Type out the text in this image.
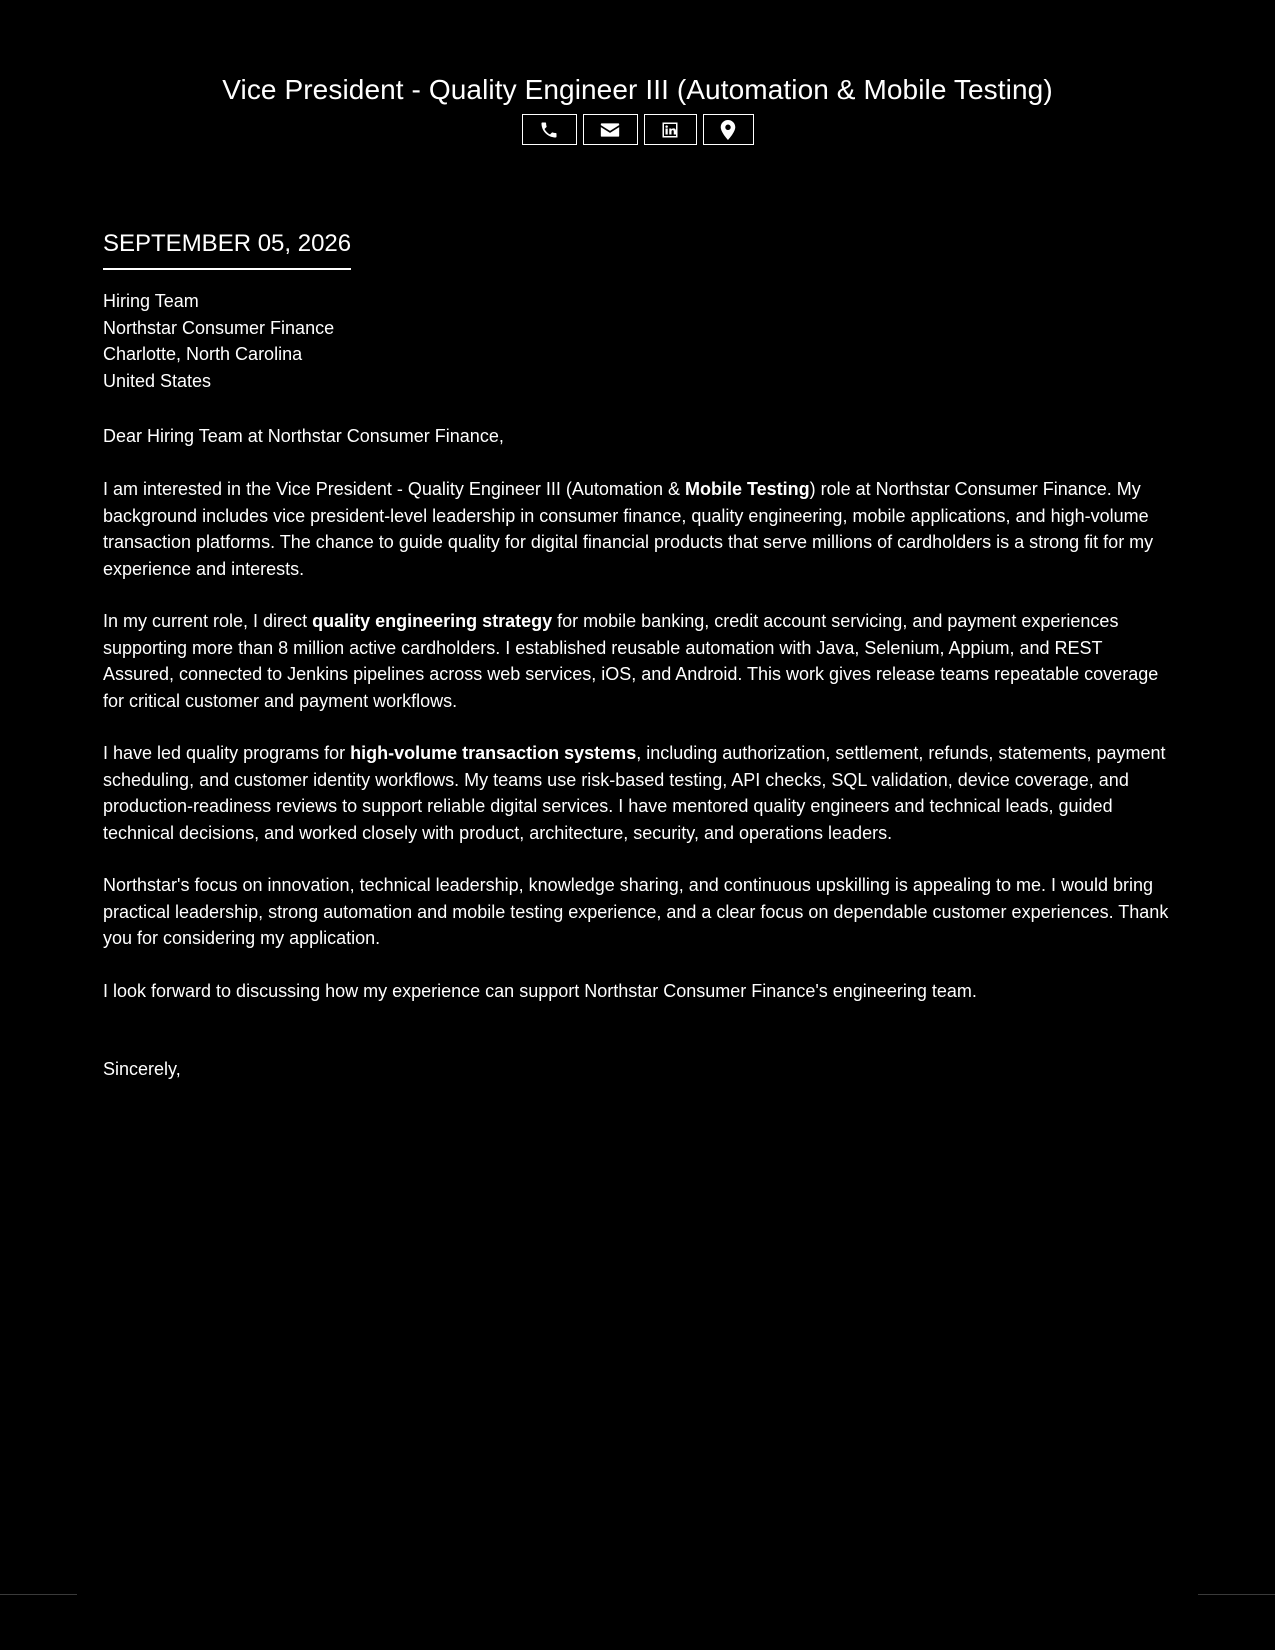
Vice President - Quality Engineer III (Automation & Mobile Testing)
SEPTEMBER 05, 2026
Hiring Team
Northstar Consumer Finance
Charlotte, North Carolina
United States
Dear Hiring Team at Northstar Consumer Finance,

I am interested in the Vice President - Quality Engineer III (Automation & Mobile Testing) role at Northstar Consumer Finance. My background includes vice president-level leadership in consumer finance, quality engineering, mobile applications, and high-volume transaction platforms. The chance to guide quality for digital financial products that serve millions of cardholders is a strong fit for my experience and interests.

In my current role, I direct quality engineering strategy for mobile banking, credit account servicing, and payment experiences supporting more than 8 million active cardholders. I established reusable automation with Java, Selenium, Appium, and REST Assured, connected to Jenkins pipelines across web services, iOS, and Android. This work gives release teams repeatable coverage for critical customer and payment workflows.

I have led quality programs for high-volume transaction systems, including authorization, settlement, refunds, statements, payment scheduling, and customer identity workflows. My teams use risk-based testing, API checks, SQL validation, device coverage, and production-readiness reviews to support reliable digital services. I have mentored quality engineers and technical leads, guided technical decisions, and worked closely with product, architecture, security, and operations leaders.

Northstar's focus on innovation, technical leadership, knowledge sharing, and continuous upskilling is appealing to me. I would bring practical leadership, strong automation and mobile testing experience, and a clear focus on dependable customer experiences. Thank you for considering my application.

I look forward to discussing how my experience can support Northstar Consumer Finance's engineering team.

Sincerely,
